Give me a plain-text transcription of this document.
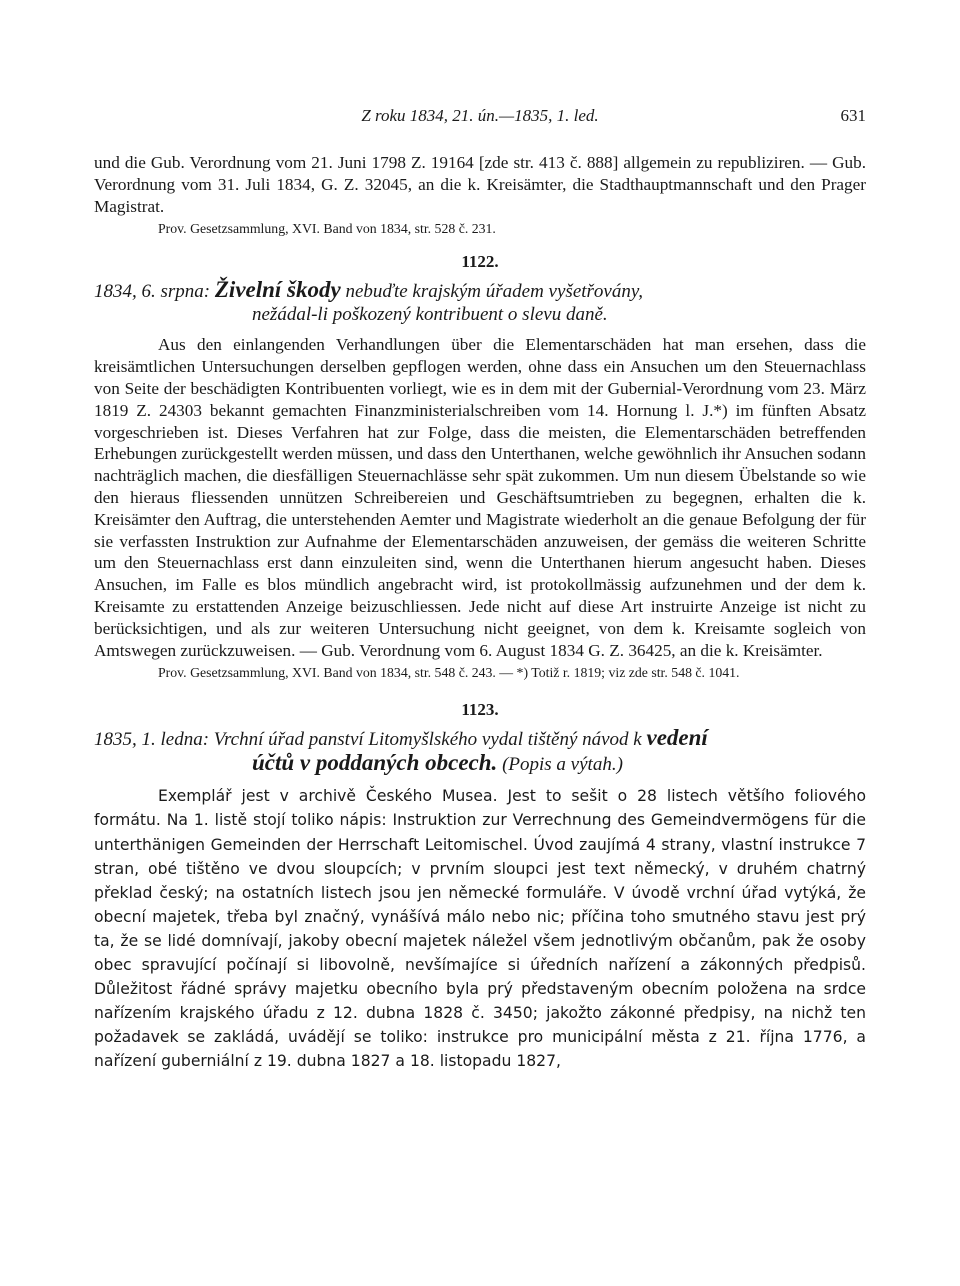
Z roku 1834, 21. ún.—1835, 1. led.	631

und die Gub. Verordnung vom 21. Juni 1798 Z. 19164 [zde str. 413 č. 888] allgemein zu republiziren. — Gub. Verordnung vom 31. Juli 1834, G. Z. 32045, an die k. Kreisämter, die Stadthauptmannschaft und den Prager Magistrat.

Prov. Gesetzsammlung, XVI. Band von 1834, str. 528 č. 231.

1122.
1834, 6. srpna: Živelní škody nebuďte krajským úřadem vyšetřovány,
nežádal-li poškozený kontribuent o slevu daně.

Aus den einlangenden Verhandlungen über die Elementarschäden hat man ersehen, dass die kreisämtlichen Untersuchungen derselben gepflogen werden, ohne dass ein Ansuchen um den Steuernachlass von Seite der beschädigten Kontribuenten vorliegt, wie es in dem mit der Gubernial-Verordnung vom 23. März 1819 Z. 24303 bekannt gemachten Finanzministerialschreiben vom 14. Hornung l. J.*) im fünften Absatz vorgeschrieben ist. Dieses Verfahren hat zur Folge, dass die meisten, die Elementarschäden betreffenden Erhebungen zurückgestellt werden müssen, und dass den Unterthanen, welche gewöhnlich ihr Ansuchen sodann nachträglich machen, die diesfälligen Steuernachlässe sehr spät zukommen. Um nun diesem Übelstande so wie den hieraus fliessenden unnützen Schreibereien und Geschäftsumtrieben zu begegnen, erhalten die k. Kreisämter den Auftrag, die unterstehenden Aemter und Magistrate wiederholt an die genaue Befolgung der für sie verfassten Instruktion zur Aufnahme der Elementarschäden anzuweisen, der gemäss die weiteren Schritte um den Steuernachlass erst dann einzuleiten sind, wenn die Unterthanen hierum angesucht haben. Dieses Ansuchen, im Falle es blos mündlich angebracht wird, ist protokollmässig aufzunehmen und der dem k. Kreisamte zu erstattenden Anzeige beizuschliessen. Jede nicht auf diese Art instruirte Anzeige ist nicht zu berücksichtigen, und als zur weiteren Untersuchung nicht geeignet, von dem k. Kreisamte sogleich von Amtswegen zurückzuweisen. — Gub. Verordnung vom 6. August 1834 G. Z. 36425, an die k. Kreisämter.

Prov. Gesetzsammlung, XVI. Band von 1834, str. 548 č. 243. — *) Totiž r. 1819; viz zde str. 548 č. 1041.

1123.
1835, 1. ledna: Vrchní úřad panství Litomyšlského vydal tištěný návod k vedení
účtů v poddaných obcech. (Popis a výtah.)

Exemplář jest v archivě Českého Musea. Jest to sešit o 28 listech většího foliového formátu. Na 1. listě stojí toliko nápis: Instruktion zur Verrechnung des Gemeindvermögens für die unterthänigen Gemeinden der Herrschaft Leitomischel. Úvod zaujímá 4 strany, vlastní instrukce 7 stran, obé tištěno ve dvou sloupcích; v prvním sloupci jest text německý, v druhém chatrný překlad český; na ostatních listech jsou jen německé formuláře. V úvodě vrchní úřad vytýká, že obecní majetek, třeba byl značný, vynášívá málo nebo nic; příčina toho smutného stavu jest prý ta, že se lidé domnívají, jakoby obecní majetek náležel všem jednotlivým občanům, pak že osoby obec spravující počínají si libovolně, nevšímajíce si úředních nařízení a zákonných předpisů. Důležitost řádné správy majetku obecního byla prý představeným obecním položena na srdce nařízením krajského úřadu z 12. dubna 1828 č. 3450; jakožto zákonné předpisy, na nichž ten požadavek se zakládá, uvádějí se toliko: instrukce pro municipální města z 21. října 1776, a nařízení guberniální z 19. dubna 1827 a 18. listopadu 1827,
